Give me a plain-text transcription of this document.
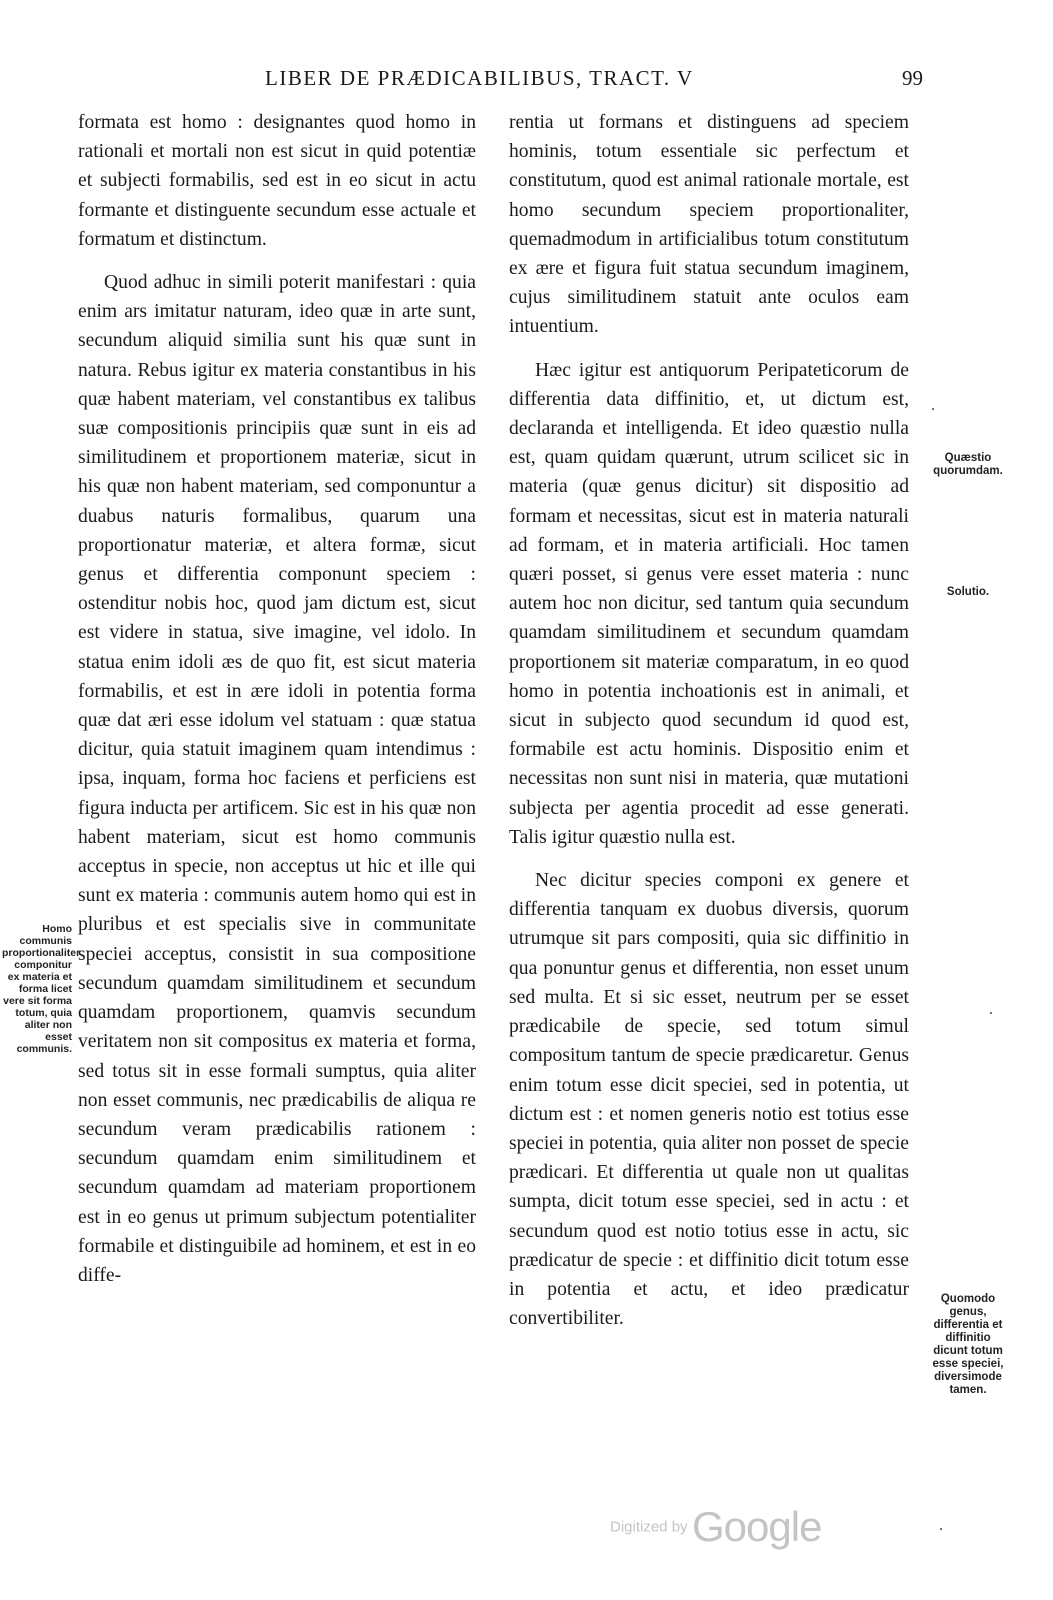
LIBER DE PRÆDICABILIBUS, TRACT. V	99

formata est homo : designantes quod homo in rationali et mortali non est sicut in quid potentiæ et subjecti formabilis, sed est in eo sicut in actu formante et distinguente secundum esse actuale et formatum et distinctum.

Quod adhuc in simili poterit manifestari : quia enim ars imitatur naturam, ideo quæ in arte sunt, secundum aliquid similia sunt his quæ sunt in natura. Rebus igitur ex materia constantibus in his quæ habent materiam, vel constantibus ex talibus suæ compositionis principiis quæ sunt in eis ad similitudinem et proportionem materiæ, sicut in his quæ non habent materiam, sed componuntur a duabus naturis formalibus, quarum una proportionatur materiæ, et altera formæ, sicut genus et differentia componunt speciem : ostenditur nobis hoc, quod jam dictum est, sicut est videre in statua, sive imagine, vel idolo. In statua enim idoli æs de quo fit, est sicut materia formabilis, et est in ære idoli in potentia forma quæ dat æri esse idolum vel statuam : quæ statua dicitur, quia statuit imaginem quam intendimus : ipsa, inquam, forma hoc faciens et perficiens est figura inducta per artificem. Sic est in his quæ non habent materiam, sicut est homo communis acceptus in specie, non acceptus ut hic et ille qui sunt ex materia : communis autem homo qui est in pluribus et est specialis sive in communitate speciei acceptus, consistit in sua compositione secundum quamdam similitudinem et secundum quamdam proportionem, quamvis secundum veritatem non sit compositus ex materia et forma, sed totus sit in esse formali sumptus, quia aliter non esset communis, nec prædicabilis de aliqua re secundum veram prædicabilis rationem : secundum quamdam enim similitudinem et secundum quamdam ad materiam proportionem est in eo genus ut primum subjectum potentialiter formabile et distinguibile ad hominem, et est in eo diffe-

rentia ut formans et distinguens ad speciem hominis, totum essentiale sic perfectum et constitutum, quod est animal rationale mortale, est homo secundum speciem proportionaliter, quemadmodum in artificialibus totum constitutum ex ære et figura fuit statua secundum imaginem, cujus similitudinem statuit ante oculos eam intuentium.

Hæc igitur est antiquorum Peripateticorum de differentia data diffinitio, et, ut dictum est, declaranda et intelligenda. Et ideo quæstio nulla est, quam quidam quærunt, utrum scilicet sic in materia (quæ genus dicitur) sit dispositio ad formam et necessitas, sicut est in materia naturali ad formam, et in materia artificiali. Hoc tamen quæri posset, si genus vere esset materia : nunc autem hoc non dicitur, sed tantum quia secundum quamdam similitudinem et secundum quamdam proportionem sit materiæ comparatum, in eo quod homo in potentia inchoationis est in animali, et sicut in subjecto quod secundum id quod est, formabile est actu hominis. Dispositio enim et necessitas non sunt nisi in materia, quæ mutationi subjecta per agentia procedit ad esse generati. Talis igitur quæstio nulla est.

Nec dicitur species componi ex genere et differentia tanquam ex duobus diversis, quorum utrumque sit pars compositi, quia sic diffinitio in qua ponuntur genus et differentia, non esset unum sed multa. Et si sic esset, neutrum per se esset prædicabile de specie, sed totum simul compositum tantum de specie prædicaretur. Genus enim totum esse dicit speciei, sed in potentia, ut dictum est : et nomen generis notio est totius esse speciei in potentia, quia aliter non posset de specie prædicari. Et differentia ut quale non ut qualitas sumpta, dicit totum esse speciei, sed in actu : et secundum quod est notio totius esse in actu, sic prædicatur de specie : et diffinitio dicit totum esse in potentia et actu, et ideo prædicatur convertibiliter.

Homo communis proportionaliter componitur ex materia et forma licet vere sit forma totum, quia aliter non esset communis.
Quæstio quorumdam.
Solutio.
Quomodo genus, differentia et diffinitio dicunt totum esse speciei, diversimode tamen.
Digitized by Google
